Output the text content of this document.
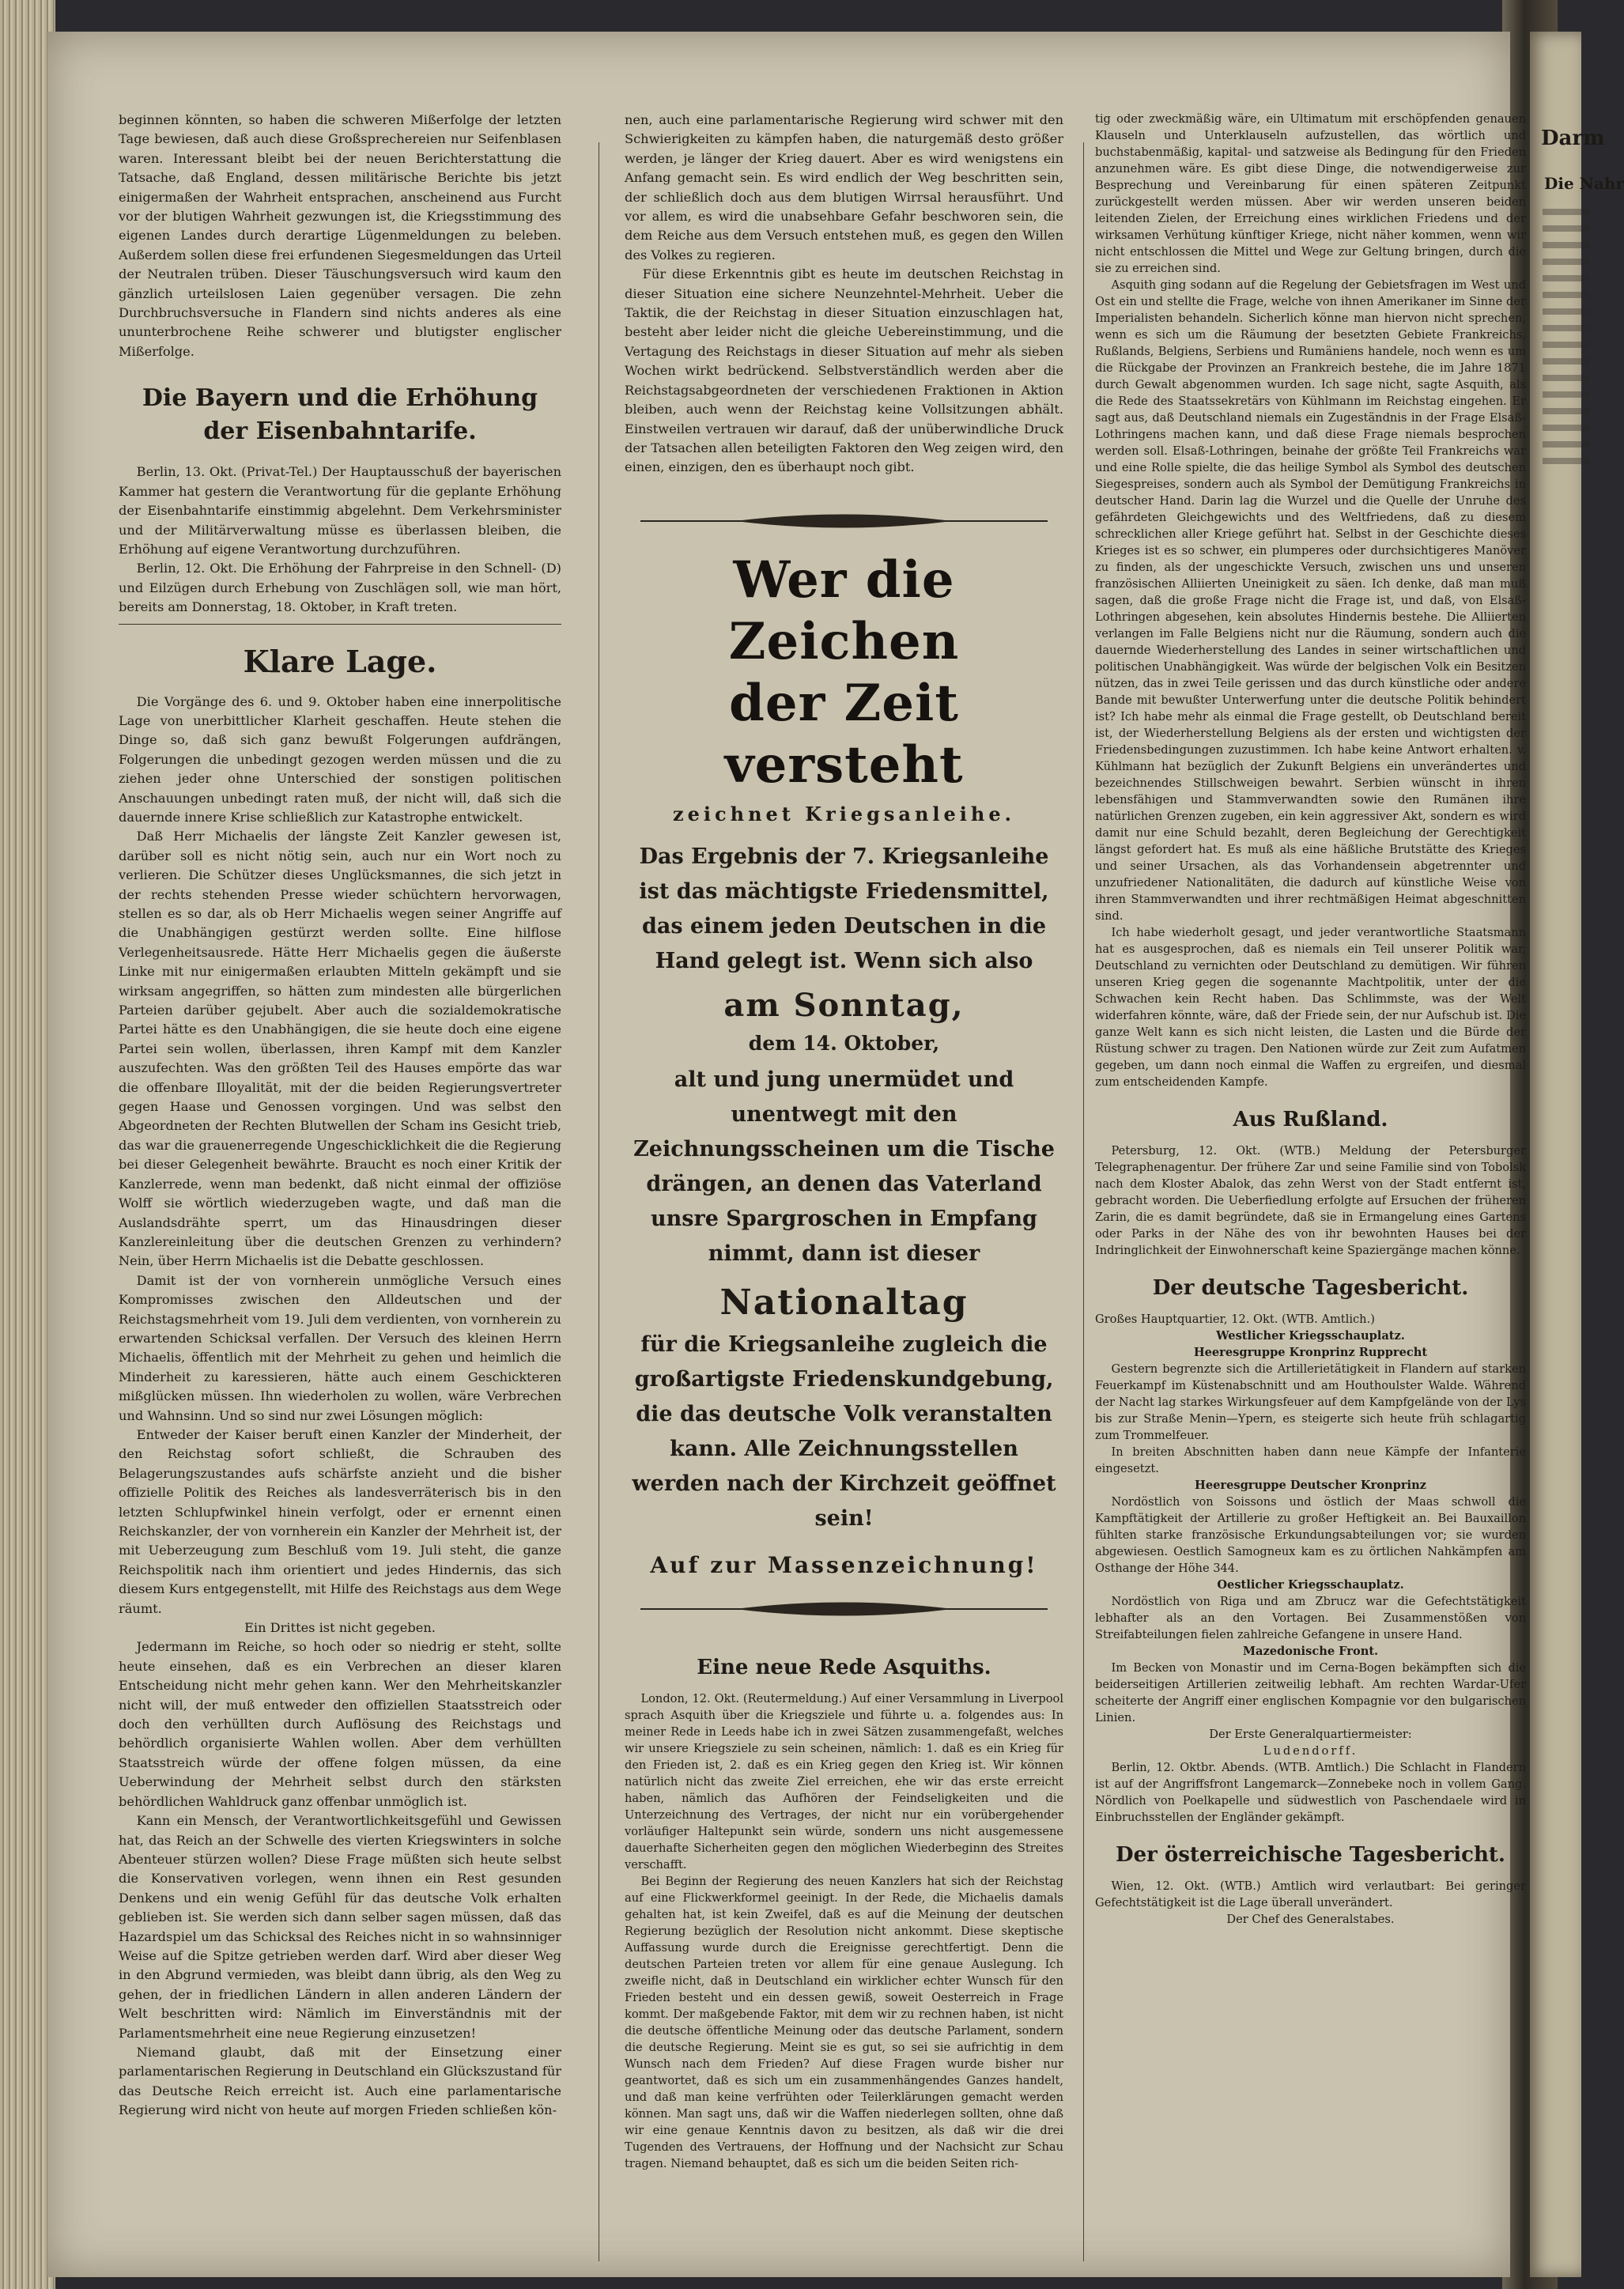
Darm
Die Nahr

beginnen könnten, so haben die schweren Mißerfolge der letzten Tage bewiesen, daß auch diese Großsprechereien nur Seifenblasen waren. Interessant bleibt bei der neuen Berichterstattung die Tatsache, daß England, dessen militärische Berichte bis jetzt einigermaßen der Wahrheit entsprachen, anscheinend aus Furcht vor der blutigen Wahrheit gezwungen ist, die Kriegsstimmung des eigenen Landes durch derartige Lügenmeldungen zu beleben. Außerdem sollen diese frei erfundenen Siegesmeldungen das Urteil der Neutralen trüben. Dieser Täuschungsversuch wird kaum den gänzlich urteilslosen Laien gegenüber versagen. Die zehn Durchbruchsversuche in Flandern sind nichts anderes als eine ununterbrochene Reihe schwerer und blutigster englischer Mißerfolge.

Die Bayern und die Erhöhung der Eisenbahntarife.

Berlin, 13. Okt. (Privat-Tel.) Der Hauptausschuß der bayerischen Kammer hat gestern die Verantwortung für die geplante Erhöhung der Eisenbahntarife einstimmig abgelehnt. Dem Verkehrsminister und der Militärverwaltung müsse es überlassen bleiben, die Erhöhung auf eigene Verantwortung durchzuführen.

Berlin, 12. Okt. Die Erhöhung der Fahrpreise in den Schnell- (D) und Eilzügen durch Erhebung von Zuschlägen soll, wie man hört, bereits am Donnerstag, 18. Oktober, in Kraft treten.

Klare Lage.

Die Vorgänge des 6. und 9. Oktober haben eine innerpolitische Lage von unerbittlicher Klarheit geschaffen. Heute stehen die Dinge so, daß sich ganz bewußt Folgerungen aufdrängen, Folgerungen die unbedingt gezogen werden müssen und die zu ziehen jeder ohne Unterschied der sonstigen politischen Anschauungen unbedingt raten muß, der nicht will, daß sich die dauernde innere Krise schließlich zur Katastrophe entwickelt.

Daß Herr Michaelis der längste Zeit Kanzler gewesen ist, darüber soll es nicht nötig sein, auch nur ein Wort noch zu verlieren. Die Schützer dieses Unglücksmannes, die sich jetzt in der rechts stehenden Presse wieder schüchtern hervorwagen, stellen es so dar, als ob Herr Michaelis wegen seiner Angriffe auf die Unabhängigen gestürzt werden sollte. Eine hilflose Verlegenheitsausrede. Hätte Herr Michaelis gegen die äußerste Linke mit nur einigermaßen erlaubten Mitteln gekämpft und sie wirksam angegriffen, so hätten zum mindesten alle bürgerlichen Parteien darüber gejubelt. Aber auch die sozialdemokratische Partei hätte es den Unabhängigen, die sie heute doch eine eigene Partei sein wollen, überlassen, ihren Kampf mit dem Kanzler auszufechten. Was den größten Teil des Hauses empörte das war die offenbare Illoyalität, mit der die beiden Regierungsvertreter gegen Haase und Genossen vorgingen. Und was selbst den Abgeordneten der Rechten Blutwellen der Scham ins Gesicht trieb, das war die grauenerregende Ungeschicklichkeit die die Regierung bei dieser Gelegenheit bewährte. Braucht es noch einer Kritik der Kanzlerrede, wenn man bedenkt, daß nicht einmal der offiziöse Wolff sie wörtlich wiederzugeben wagte, und daß man die Auslandsdrähte sperrt, um das Hinausdringen dieser Kanzlereinleitung über die deutschen Grenzen zu verhindern? Nein, über Herrn Michaelis ist die Debatte geschlossen.

Damit ist der von vornherein unmögliche Versuch eines Kompromisses zwischen den Alldeutschen und der Reichstagsmehrheit vom 19. Juli dem verdienten, von vornherein zu erwartenden Schicksal verfallen. Der Versuch des kleinen Herrn Michaelis, öffentlich mit der Mehrheit zu gehen und heimlich die Minderheit zu karessieren, hätte auch einem Geschickteren mißglücken müssen. Ihn wiederholen zu wollen, wäre Verbrechen und Wahnsinn. Und so sind nur zwei Lösungen möglich:

Entweder der Kaiser beruft einen Kanzler der Minderheit, der den Reichstag sofort schließt, die Schrauben des Belagerungszustandes aufs schärfste anzieht und die bisher offizielle Politik des Reiches als landesverräterisch bis in den letzten Schlupfwinkel hinein verfolgt, oder er ernennt einen Reichskanzler, der von vornherein ein Kanzler der Mehrheit ist, der mit Ueberzeugung zum Beschluß vom 19. Juli steht, die ganze Reichspolitik nach ihm orientiert und jedes Hindernis, das sich diesem Kurs entgegenstellt, mit Hilfe des Reichstags aus dem Wege räumt.

Ein Drittes ist nicht gegeben.

Jedermann im Reiche, so hoch oder so niedrig er steht, sollte heute einsehen, daß es ein Verbrechen an dieser klaren Entscheidung nicht mehr gehen kann. Wer den Mehrheitskanzler nicht will, der muß entweder den offiziellen Staatsstreich oder doch den verhüllten durch Auflösung des Reichstags und behördlich organisierte Wahlen wollen. Aber dem verhüllten Staatsstreich würde der offene folgen müssen, da eine Ueberwindung der Mehrheit selbst durch den stärksten behördlichen Wahldruck ganz offenbar unmöglich ist.

Kann ein Mensch, der Verantwortlichkeitsgefühl und Gewissen hat, das Reich an der Schwelle des vierten Kriegswinters in solche Abenteuer stürzen wollen? Diese Frage müßten sich heute selbst die Konservativen vorlegen, wenn ihnen ein Rest gesunden Denkens und ein wenig Gefühl für das deutsche Volk erhalten geblieben ist. Sie werden sich dann selber sagen müssen, daß das Hazardspiel um das Schicksal des Reiches nicht in so wahnsinniger Weise auf die Spitze getrieben werden darf. Wird aber dieser Weg in den Abgrund vermieden, was bleibt dann übrig, als den Weg zu gehen, der in friedlichen Ländern in allen anderen Ländern der Welt beschritten wird: Nämlich im Einverständnis mit der Parlamentsmehrheit eine neue Regierung einzusetzen!

Niemand glaubt, daß mit der Einsetzung einer parlamentarischen Regierung in Deutschland ein Glückszustand für das Deutsche Reich erreicht ist. Auch eine parlamentarische Regierung wird nicht von heute auf morgen Frieden schließen kön-

nen, auch eine parlamentarische Regierung wird schwer mit den Schwierigkeiten zu kämpfen haben, die naturgemäß desto größer werden, je länger der Krieg dauert. Aber es wird wenigstens ein Anfang gemacht sein. Es wird endlich der Weg beschritten sein, der schließlich doch aus dem blutigen Wirrsal herausführt. Und vor allem, es wird die unabsehbare Gefahr beschworen sein, die dem Reiche aus dem Versuch entstehen muß, es gegen den Willen des Volkes zu regieren.

Für diese Erkenntnis gibt es heute im deutschen Reichstag in dieser Situation eine sichere Neunzehntel-Mehrheit. Ueber die Taktik, die der Reichstag in dieser Situation einzuschlagen hat, besteht aber leider nicht die gleiche Uebereinstimmung, und die Vertagung des Reichstags in dieser Situation auf mehr als sieben Wochen wirkt bedrückend. Selbstverständlich werden aber die Reichstagsabgeordneten der verschiedenen Fraktionen in Aktion bleiben, auch wenn der Reichstag keine Vollsitzungen abhält. Einstweilen vertrauen wir darauf, daß der unüberwindliche Druck der Tatsachen allen beteiligten Faktoren den Weg zeigen wird, den einen, einzigen, den es überhaupt noch gibt.

Wer die Zeichen
der Zeit versteht
zeichnet Kriegsanleihe.
Das Ergebnis der 7. Kriegsanleihe ist das mächtigste Friedensmittel, das einem jeden Deutschen in die Hand gelegt ist. Wenn sich also
am Sonntag,
dem 14. Oktober,
alt und jung unermüdet und unentwegt mit den Zeichnungsscheinen um die Tische drängen, an denen das Vaterland unsre Spargroschen in Empfang nimmt, dann ist dieser
Nationaltag
für die Kriegsanleihe zugleich die großartigste Friedenskundgebung, die das deutsche Volk veranstalten kann. Alle Zeichnungsstellen werden nach der Kirchzeit geöffnet sein!
Auf zur Massenzeichnung!
Eine neue Rede Asquiths.

London, 12. Okt. (Reutermeldung.) Auf einer Versammlung in Liverpool sprach Asquith über die Kriegsziele und führte u. a. folgendes aus: In meiner Rede in Leeds habe ich in zwei Sätzen zusammengefaßt, welches wir unsere Kriegsziele zu sein scheinen, nämlich: 1. daß es ein Krieg für den Frieden ist, 2. daß es ein Krieg gegen den Krieg ist. Wir können natürlich nicht das zweite Ziel erreichen, ehe wir das erste erreicht haben, nämlich das Aufhören der Feindseligkeiten und die Unterzeichnung des Vertrages, der nicht nur ein vorübergehender vorläufiger Haltepunkt sein würde, sondern uns nicht ausgemessene dauerhafte Sicherheiten gegen den möglichen Wiederbeginn des Streites verschafft.

Bei Beginn der Regierung des neuen Kanzlers hat sich der Reichstag auf eine Flickwerkformel geeinigt. In der Rede, die Michaelis damals gehalten hat, ist kein Zweifel, daß es auf die Meinung der deutschen Regierung bezüglich der Resolution nicht ankommt. Diese skeptische Auffassung wurde durch die Ereignisse gerechtfertigt. Denn die deutschen Parteien treten vor allem für eine genaue Auslegung. Ich zweifle nicht, daß in Deutschland ein wirklicher echter Wunsch für den Frieden besteht und ein dessen gewiß, soweit Oesterreich in Frage kommt. Der maßgebende Faktor, mit dem wir zu rechnen haben, ist nicht die deutsche öffentliche Meinung oder das deutsche Parlament, sondern die deutsche Regierung. Meint sie es gut, so sei sie aufrichtig in dem Wunsch nach dem Frieden? Auf diese Fragen wurde bisher nur geantwortet, daß es sich um ein zusammenhängendes Ganzes handelt, und daß man keine verfrühten oder Teilerklärungen gemacht werden können. Man sagt uns, daß wir die Waffen niederlegen sollten, ohne daß wir eine genaue Kenntnis davon zu besitzen, als daß wir die drei Tugenden des Vertrauens, der Hoffnung und der Nachsicht zur Schau tragen. Niemand behauptet, daß es sich um die beiden Seiten rich-

tig oder zweckmäßig wäre, ein Ultimatum mit erschöpfenden genauen Klauseln und Unterklauseln aufzustellen, das wörtlich und buchstabenmäßig, kapital- und satzweise als Bedingung für den Frieden anzunehmen wäre. Es gibt diese Dinge, die notwendigerweise zur Besprechung und Vereinbarung für einen späteren Zeitpunkt zurückgestellt werden müssen. Aber wir werden unseren beiden leitenden Zielen, der Erreichung eines wirklichen Friedens und der wirksamen Verhütung künftiger Kriege, nicht näher kommen, wenn wir nicht entschlossen die Mittel und Wege zur Geltung bringen, durch die sie zu erreichen sind.

Asquith ging sodann auf die Regelung der Gebietsfragen im West und Ost ein und stellte die Frage, welche von ihnen Amerikaner im Sinne der Imperialisten behandeln. Sicherlich könne man hiervon nicht sprechen, wenn es sich um die Räumung der besetzten Gebiete Frankreichs, Rußlands, Belgiens, Serbiens und Rumäniens handele, noch wenn es um die Rückgabe der Provinzen an Frankreich bestehe, die im Jahre 1871 durch Gewalt abgenommen wurden. Ich sage nicht, sagte Asquith, als die Rede des Staatssekretärs von Kühlmann im Reichstag eingehen. Er sagt aus, daß Deutschland niemals ein Zugeständnis in der Frage Elsaß-Lothringens machen kann, und daß diese Frage niemals besprochen werden soll. Elsaß-Lothringen, beinahe der größte Teil Frankreichs war und eine Rolle spielte, die das heilige Symbol als Symbol des deutschen Siegespreises, sondern auch als Symbol der Demütigung Frankreichs in deutscher Hand. Darin lag die Wurzel und die Quelle der Unruhe des gefährdeten Gleichgewichts und des Weltfriedens, daß zu diesem schrecklichen aller Kriege geführt hat. Selbst in der Geschichte dieses Krieges ist es so schwer, ein plumperes oder durchsichtigeres Manöver zu finden, als der ungeschickte Versuch, zwischen uns und unseren französischen Alliierten Uneinigkeit zu säen. Ich denke, daß man muß sagen, daß die große Frage nicht die Frage ist, und daß, von Elsaß-Lothringen abgesehen, kein absolutes Hindernis bestehe. Die Alliierten verlangen im Falle Belgiens nicht nur die Räumung, sondern auch die dauernde Wiederherstellung des Landes in seiner wirtschaftlichen und politischen Unabhängigkeit. Was würde der belgischen Volk ein Besitzen nützen, das in zwei Teile gerissen und das durch künstliche oder andere Bande mit bewußter Unterwerfung unter die deutsche Politik behindert ist? Ich habe mehr als einmal die Frage gestellt, ob Deutschland bereit ist, der Wiederherstellung Belgiens als der ersten und wichtigsten der Friedensbedingungen zuzustimmen. Ich habe keine Antwort erhalten. v. Kühlmann hat bezüglich der Zukunft Belgiens ein unverändertes und bezeichnendes Stillschweigen bewahrt. Serbien wünscht in ihren lebensfähigen und Stammverwandten sowie den Rumänen ihre natürlichen Grenzen zugeben, ein kein aggressiver Akt, sondern es wird damit nur eine Schuld bezahlt, deren Begleichung der Gerechtigkeit längst gefordert hat. Es muß als eine häßliche Brutstätte des Krieges und seiner Ursachen, als das Vorhandensein abgetrennter und unzufriedener Nationalitäten, die dadurch auf künstliche Weise von ihren Stammverwandten und ihrer rechtmäßigen Heimat abgeschnitten sind.

Ich habe wiederholt gesagt, und jeder verantwortliche Staatsmann hat es ausgesprochen, daß es niemals ein Teil unserer Politik war, Deutschland zu vernichten oder Deutschland zu demütigen. Wir führen unseren Krieg gegen die sogenannte Machtpolitik, unter der die Schwachen kein Recht haben. Das Schlimmste, was der Welt widerfahren könnte, wäre, daß der Friede sein, der nur Aufschub ist. Die ganze Welt kann es sich nicht leisten, die Lasten und die Bürde der Rüstung schwer zu tragen. Den Nationen würde zur Zeit zum Aufatmen gegeben, um dann noch einmal die Waffen zu ergreifen, und diesmal zum entscheidenden Kampfe.

Aus Rußland.

Petersburg, 12. Okt. (WTB.) Meldung der Petersburger Telegraphenagentur. Der frühere Zar und seine Familie sind von Tobolsk nach dem Kloster Abalok, das zehn Werst von der Stadt entfernt ist, gebracht worden. Die Ueberfiedlung erfolgte auf Ersuchen der früheren Zarin, die es damit begründete, daß sie in Ermangelung eines Gartens oder Parks in der Nähe des von ihr bewohnten Hauses bei der Indringlichkeit der Einwohnerschaft keine Spaziergänge machen könne.

Der deutsche Tagesbericht.

Großes Hauptquartier, 12. Okt. (WTB. Amtlich.)

Westlicher Kriegsschauplatz.

Heeresgruppe Kronprinz Rupprecht

Gestern begrenzte sich die Artillerietätigkeit in Flandern auf starken Feuerkampf im Küstenabschnitt und am Houthoulster Walde. Während der Nacht lag starkes Wirkungsfeuer auf dem Kampfgelände von der Lys bis zur Straße Menin—Ypern, es steigerte sich heute früh schlagartig zum Trommelfeuer.

In breiten Abschnitten haben dann neue Kämpfe der Infanterie eingesetzt.

Heeresgruppe Deutscher Kronprinz

Nordöstlich von Soissons und östlich der Maas schwoll die Kampftätigkeit der Artillerie zu großer Heftigkeit an. Bei Bauxaillon fühlten starke französische Erkundungsabteilungen vor; sie wurden abgewiesen. Oestlich Samogneux kam es zu örtlichen Nahkämpfen am Osthange der Höhe 344.

Oestlicher Kriegsschauplatz.

Nordöstlich von Riga und am Zbrucz war die Gefechtstätigkeit lebhafter als an den Vortagen. Bei Zusammenstößen von Streifabteilungen fielen zahlreiche Gefangene in unsere Hand.

Mazedonische Front.

Im Becken von Monastir und im Cerna-Bogen bekämpften sich die beiderseitigen Artillerien zeitweilig lebhaft. Am rechten Wardar-Ufer scheiterte der Angriff einer englischen Kompagnie vor den bulgarischen Linien.

Der Erste Generalquartiermeister:

Ludendorff.

Berlin, 12. Oktbr. Abends. (WTB. Amtlich.) Die Schlacht in Flandern ist auf der Angriffsfront Langemarck—Zonnebeke noch in vollem Gang. Nördlich von Poelkapelle und südwestlich von Paschendaele wird in Einbruchsstellen der Engländer gekämpft.

Der österreichische Tagesbericht.

Wien, 12. Okt. (WTB.) Amtlich wird verlautbart: Bei geringer Gefechtstätigkeit ist die Lage überall unverändert.

Der Chef des Generalstabes.
